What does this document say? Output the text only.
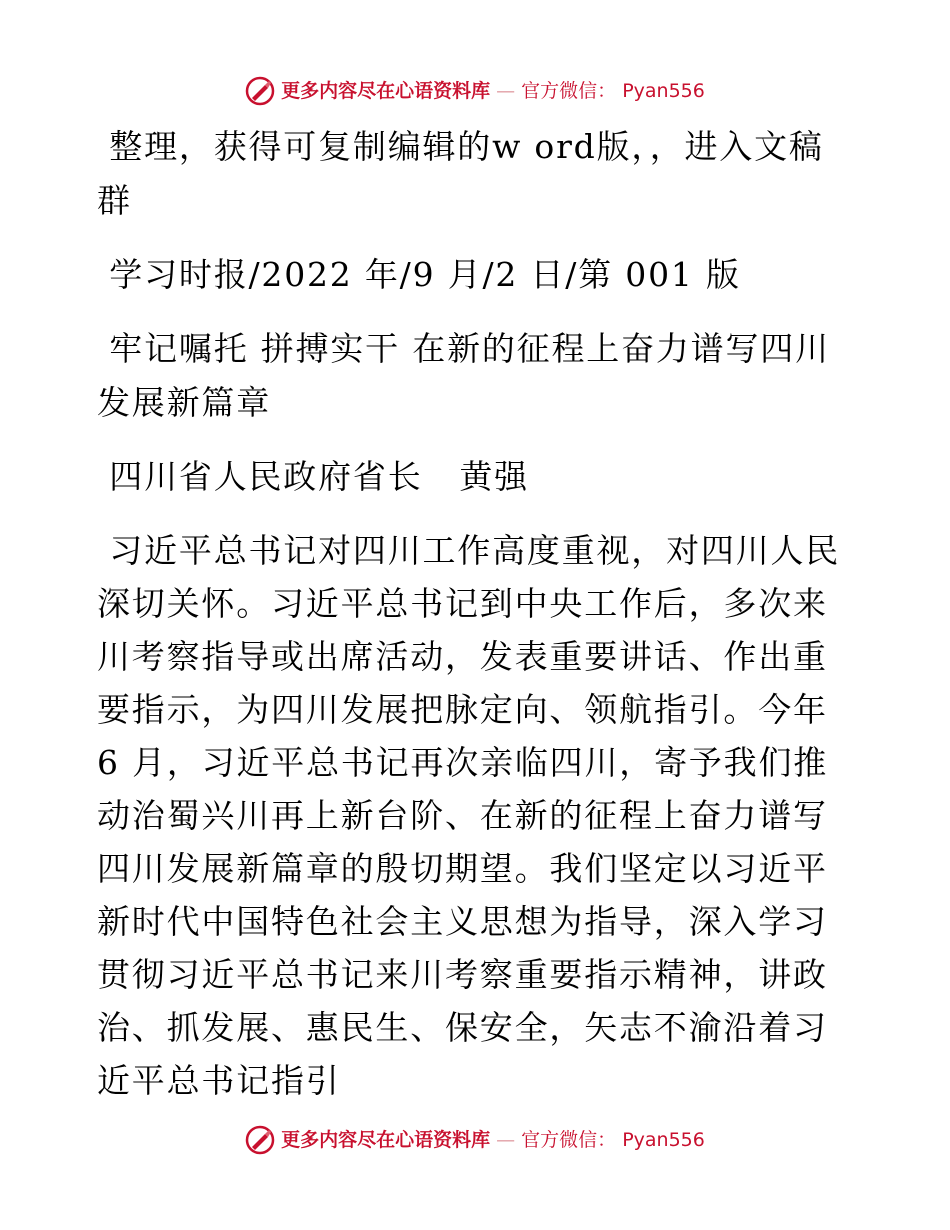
更多内容尽在心语资料库 — 官方微信： Pyan556

整理，获得可复制编辑的w ord版，，进入文稿群

学习时报/2022 年/9 月/2 日/第 001 版

牢记嘱托 拼搏实干 在新的征程上奋力谱写四川发展新篇章

四川省人民政府省长   黄强

习近平总书记对四川工作高度重视，对四川人民深切关怀。习近平总书记到中央工作后，多次来川考察指导或出席活动，发表重要讲话、作出重要指示，为四川发展把脉定向、领航指引。今年 6 月，习近平总书记再次亲临四川，寄予我们推动治蜀兴川再上新台阶、在新的征程上奋力谱写四川发展新篇章的殷切期望。我们坚定以习近平新时代中国特色社会主义思想为指导，深入学习贯彻习近平总书记来川考察重要指示精神，讲政治、抓发展、惠民生、保安全，矢志不渝沿着习近平总书记指引

更多内容尽在心语资料库 — 官方微信： Pyan556
